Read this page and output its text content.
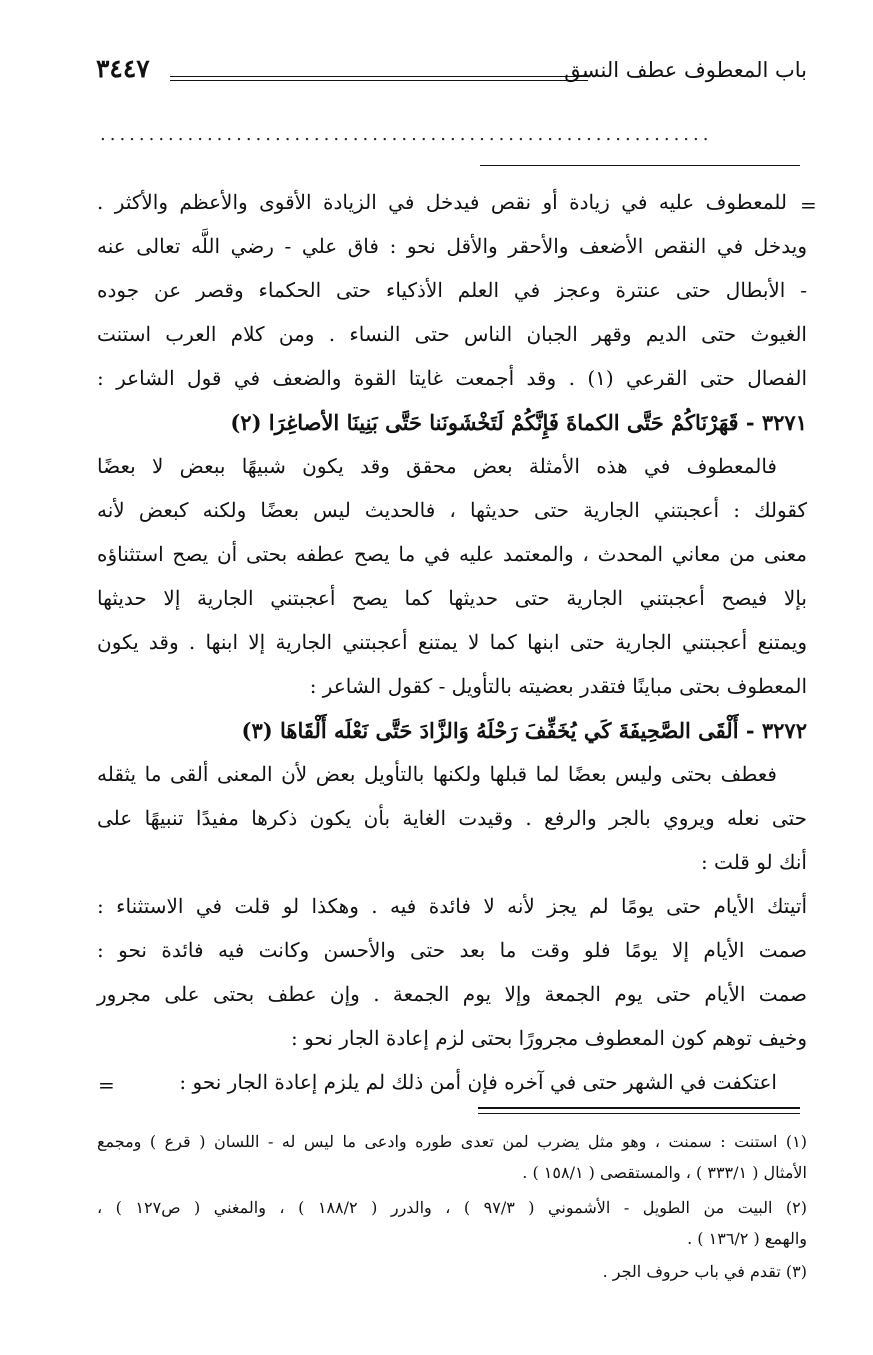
باب المعطوف عطف النسق
٣٤٤٧
...............................................................
=
للمعطوف عليه في زيادة أو نقص فيدخل في الزيادة الأقوى والأعظم والأكثر .
ويدخل في النقص الأضعف والأحقر والأقل نحو : فاق علي - رضي اللَّه تعالى عنه
- الأبطال حتى عنترة وعجز في العلم الأذكياء حتى الحكماء وقصر عن جوده
الغيوث حتى الديم وقهر الجبان الناس حتى النساء . ومن كلام العرب استنت
الفصال حتى القرعي (١) . وقد أجمعت غايتا القوة والضعف في قول الشاعر :
٣٢٧١ - قَهَرْنَاكُمْ حَتَّى الكماةَ فَإِنَّكُمْ لَتَخْشَونَنا حَتَّى بَنِينَا الأصاغِرَا (٢)
فالمعطوف في هذه الأمثلة بعض محقق وقد يكون شبيهًا ببعض لا بعضًا
كقولك : أعجبتني الجارية حتى حديثها ، فالحديث ليس بعضًا ولكنه كبعض لأنه
معنى من معاني المحدث ، والمعتمد عليه في ما يصح عطفه بحتى أن يصح استثناؤه
بإلا فيصح أعجبتني الجارية حتى حديثها كما يصح أعجبتني الجارية إلا حديثها
ويمتنع أعجبتني الجارية حتى ابنها كما لا يمتنع أعجبتني الجارية إلا ابنها . وقد يكون
المعطوف بحتى مباينًا فتقدر بعضيته بالتأويل - كقول الشاعر :
٣٢٧٢ - أَلْقَى الصَّحِيفَةَ كَي يُخَفِّفَ رَحْلَهُ وَالزَّادَ حَتَّى نَعْلَه أَلْقَاهَا (٣)
فعطف بحتى وليس بعضًا لما قبلها ولكنها بالتأويل بعض لأن المعنى ألقى ما يثقله
حتى نعله ويروي بالجر والرفع . وقيدت الغاية بأن يكون ذكرها مفيدًا تنبيهًا على
أنك لو قلت :
أتيتك الأيام حتى يومًا لم يجز لأنه لا فائدة فيه . وهكذا لو قلت في الاستثناء :
صمت الأيام إلا يومًا فلو وقت ما بعد حتى والأحسن وكانت فيه فائدة نحو :
صمت الأيام حتى يوم الجمعة وإلا يوم الجمعة . وإن عطف بحتى على مجرور
وخيف توهم كون المعطوف مجرورًا بحتى لزم إعادة الجار نحو :
اعتكفت في الشهر حتى في آخره فإن أمن ذلك لم يلزم إعادة الجار نحو :
=
(١) استنت : سمنت ، وهو مثل يضرب لمن تعدى طوره وادعى ما ليس له - اللسان ( قرع ) ومجمع
الأمثال ( ٣٣٣/١ ) ، والمستقصى ( ١٥٨/١ ) .
(٢) البيت من الطويل - الأشموني ( ٩٧/٣ ) ، والدرر ( ١٨٨/٢ ) ، والمغني ( ص١٢٧ ) ،
والهمع ( ١٣٦/٢ ) .
(٣) تقدم في باب حروف الجر .
